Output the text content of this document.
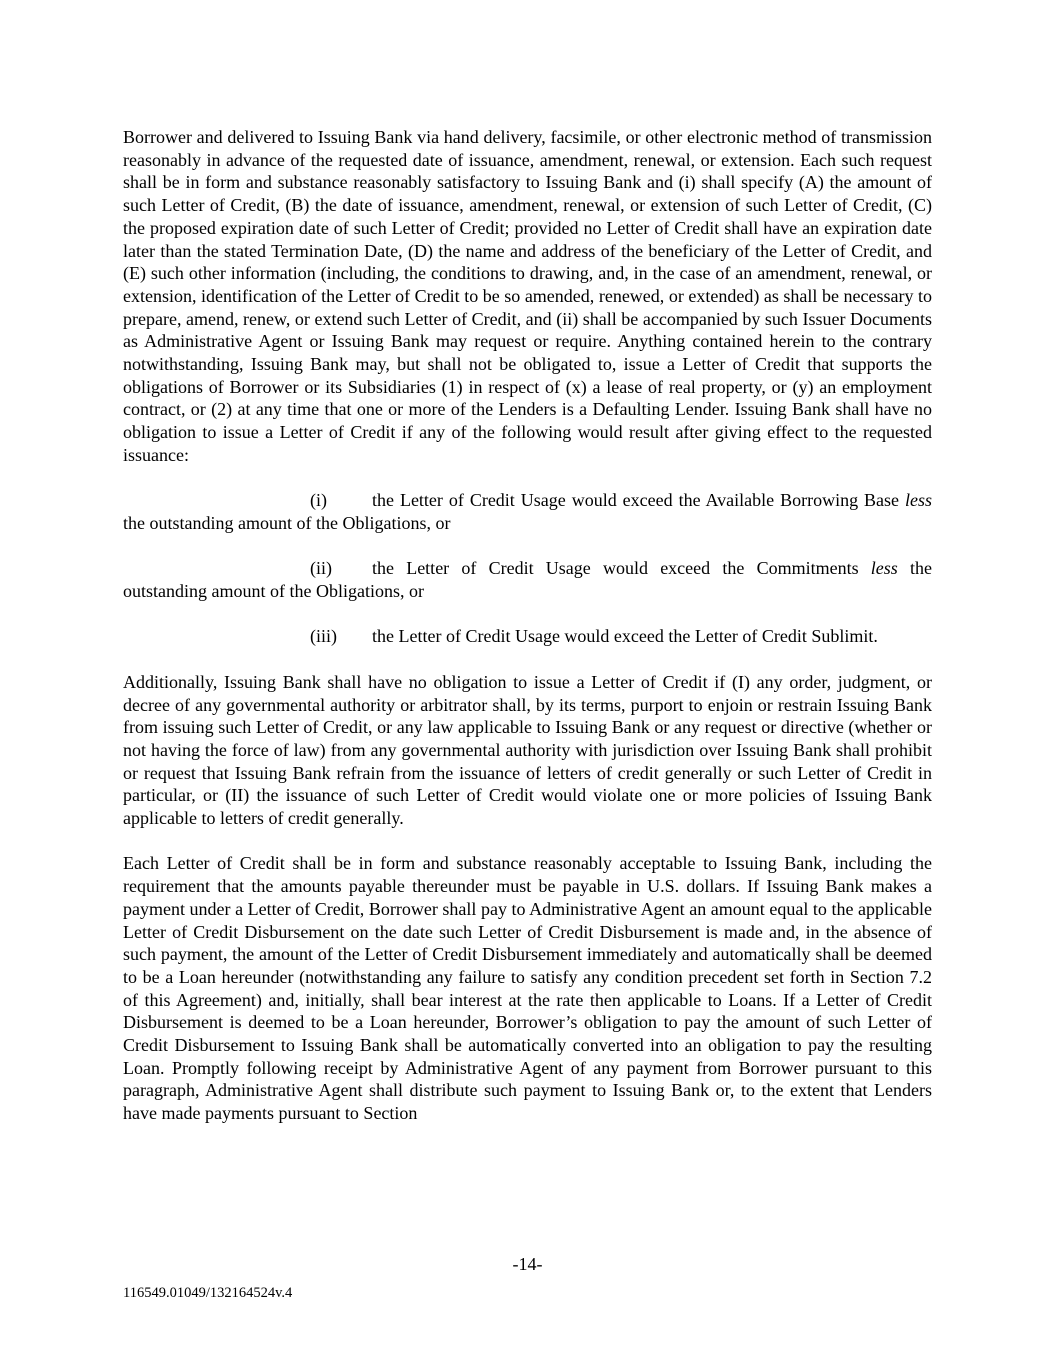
Borrower and delivered to Issuing Bank via hand delivery, facsimile, or other electronic method of transmission reasonably in advance of the requested date of issuance, amendment, renewal, or extension. Each such request shall be in form and substance reasonably satisfactory to Issuing Bank and (i) shall specify (A) the amount of such Letter of Credit, (B) the date of issuance, amendment, renewal, or extension of such Letter of Credit, (C) the proposed expiration date of such Letter of Credit; provided no Letter of Credit shall have an expiration date later than the stated Termination Date, (D) the name and address of the beneficiary of the Letter of Credit, and (E) such other information (including, the conditions to drawing, and, in the case of an amendment, renewal, or extension, identification of the Letter of Credit to be so amended, renewed, or extended) as shall be necessary to prepare, amend, renew, or extend such Letter of Credit, and (ii) shall be accompanied by such Issuer Documents as Administrative Agent or Issuing Bank may request or require. Anything contained herein to the contrary notwithstanding, Issuing Bank may, but shall not be obligated to, issue a Letter of Credit that supports the obligations of Borrower or its Subsidiaries (1) in respect of (x) a lease of real property, or (y) an employment contract, or (2) at any time that one or more of the Lenders is a Defaulting Lender. Issuing Bank shall have no obligation to issue a Letter of Credit if any of the following would result after giving effect to the requested issuance:

(i)	the Letter of Credit Usage would exceed the Available Borrowing Base less the outstanding amount of the Obligations, or

(ii) the Letter of Credit Usage would exceed the Commitments less the outstanding amount of the Obligations, or

(iii) the Letter of Credit Usage would exceed the Letter of Credit Sublimit.

Additionally, Issuing Bank shall have no obligation to issue a Letter of Credit if (I) any order, judgment, or decree of any governmental authority or arbitrator shall, by its terms, purport to enjoin or restrain Issuing Bank from issuing such Letter of Credit, or any law applicable to Issuing Bank or any request or directive (whether or not having the force of law) from any governmental authority with jurisdiction over Issuing Bank shall prohibit or request that Issuing Bank refrain from the issuance of letters of credit generally or such Letter of Credit in particular, or (II) the issuance of such Letter of Credit would violate one or more policies of Issuing Bank applicable to letters of credit generally.

Each Letter of Credit shall be in form and substance reasonably acceptable to Issuing Bank, including the requirement that the amounts payable thereunder must be payable in U.S. dollars. If Issuing Bank makes a payment under a Letter of Credit, Borrower shall pay to Administrative Agent an amount equal to the applicable Letter of Credit Disbursement on the date such Letter of Credit Disbursement is made and, in the absence of such payment, the amount of the Letter of Credit Disbursement immediately and automatically shall be deemed to be a Loan hereunder (notwithstanding any failure to satisfy any condition precedent set forth in Section 7.2 of this Agreement) and, initially, shall bear interest at the rate then applicable to Loans. If a Letter of Credit Disbursement is deemed to be a Loan hereunder, Borrower’s obligation to pay the amount of such Letter of Credit Disbursement to Issuing Bank shall be automatically converted into an obligation to pay the resulting Loan. Promptly following receipt by Administrative Agent of any payment from Borrower pursuant to this paragraph, Administrative Agent shall distribute such payment to Issuing Bank or, to the extent that Lenders have made payments pursuant to Section

-14-
116549.01049/132164524v.4
